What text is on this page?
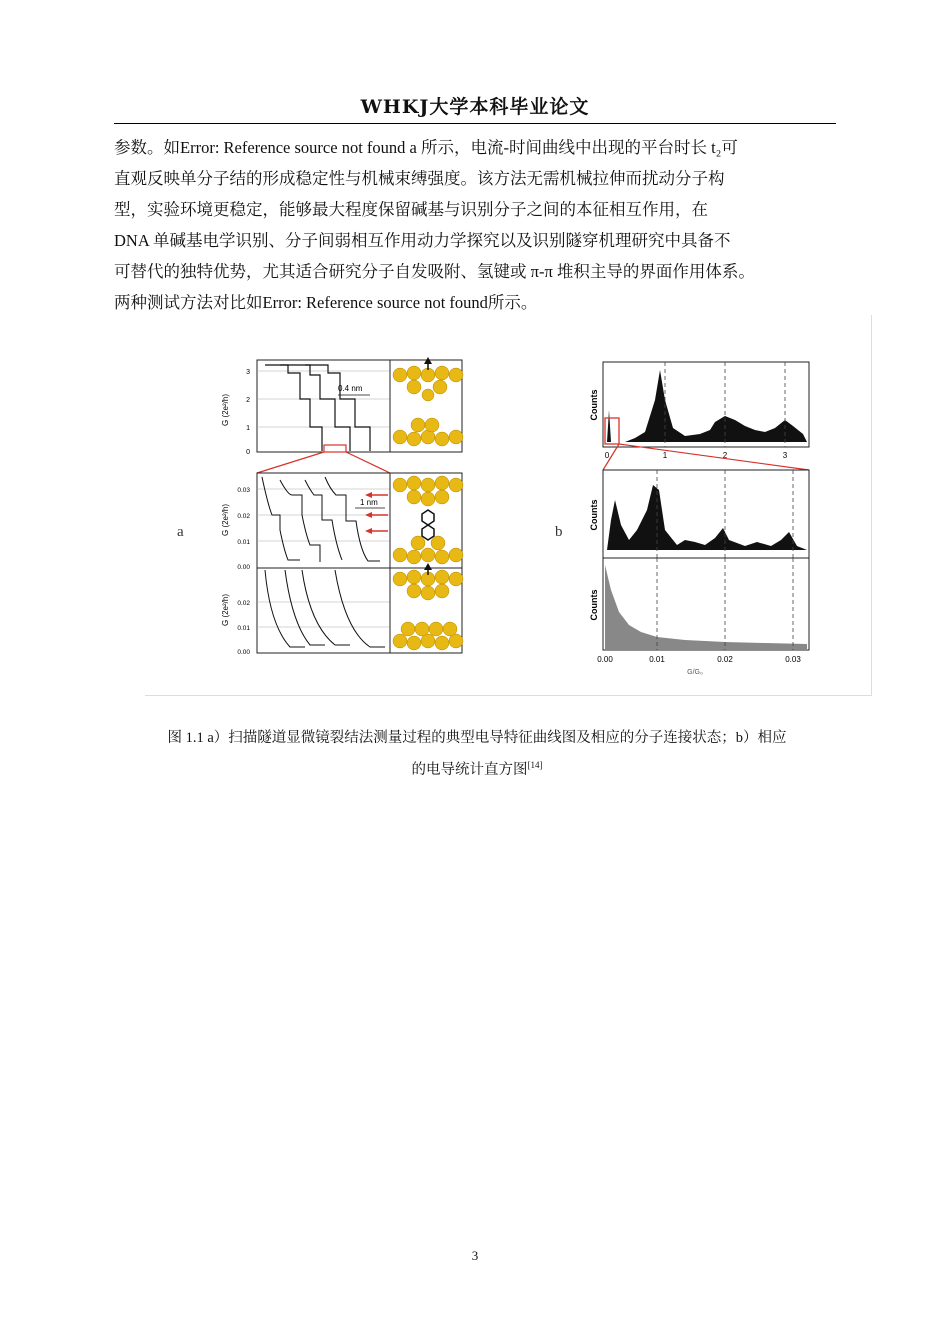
WHKJ大学本科毕业论文

参数。如Error: Reference source not found a 所示，电流-时间曲线中出现的平台时长 t₂可

直观反映单分子结的形成稳定性与机械束缚强度。该方法无需机械拉伸而扰动分子构

型，实验环境更稳定，能够最大程度保留碱基与识别分子之间的本征相互作用，在

DNA 单碱基电学识别、分子间弱相互作用动力学探究以及识别隧穿机理研究中具备不

可替代的独特优势，尤其适合研究分子自发吸附、氢键或 π-π 堆积主导的界面作用体系。

两种测试方法对比如Error: Reference source not found所示。

a	b
3
2
1
0
0.4 nm
G (2e²/h)
0.03
0.02
0.01
0.00
1 nm
G (2e²/h)
0.02
0.01
0.00
G (2e²/h)
0	1	2	3
Counts
Counts
Counts
0.00	0.01	0.02	0.03
G/G₀
图 1.1 a）扫描隧道显微镜裂结法测量过程的典型电导特征曲线图及相应的分子连接状态；b）相应
的电导统计直方图[14]
3
